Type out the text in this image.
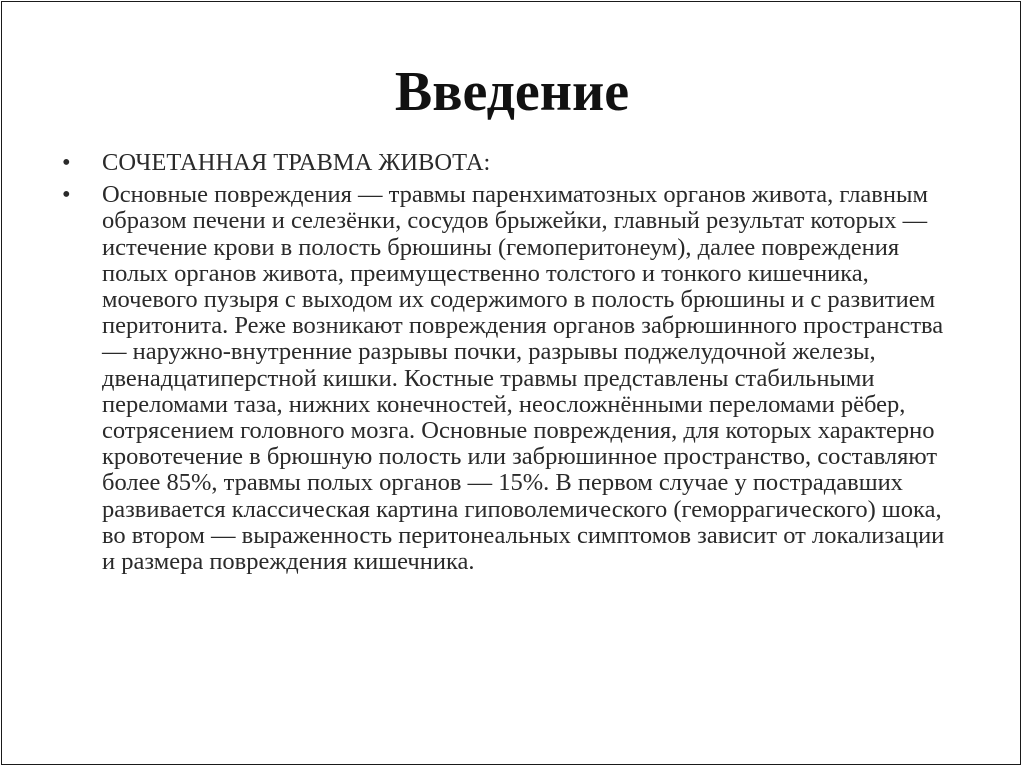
Введение
•	СОЧЕТАННАЯ ТРАВМА ЖИВОТА:
•	Основные повреждения — травмы паренхиматозных органов живота, главным образом печени и селезёнки, сосудов брыжейки, главный результат которых — истечение крови в полость брюшины (гемоперитонеум), далее повреждения полых органов живота, преимущественно толстого и тонкого кишечника, мочевого пузыря с выходом их содержимого в полость брюшины и с развитием перитонита. Реже возникают повреждения органов забрюшинного пространства — наружно-внутренние разрывы почки, разрывы поджелудочной железы, двенадцатиперстной кишки. Костные травмы представлены стабильными переломами таза, нижних конечностей, неосложнёнными переломами рёбер, сотрясением головного мозга. Основные повреждения, для которых характерно кровотечение в брюшную полость или забрюшинное пространство, составляют более 85%, травмы полых органов — 15%. В первом случае у пострадавших развивается классическая картина гиповолемического (геморрагического) шока, во втором — выраженность перитонеальных симптомов зависит от локализации и размера повреждения кишечника.
